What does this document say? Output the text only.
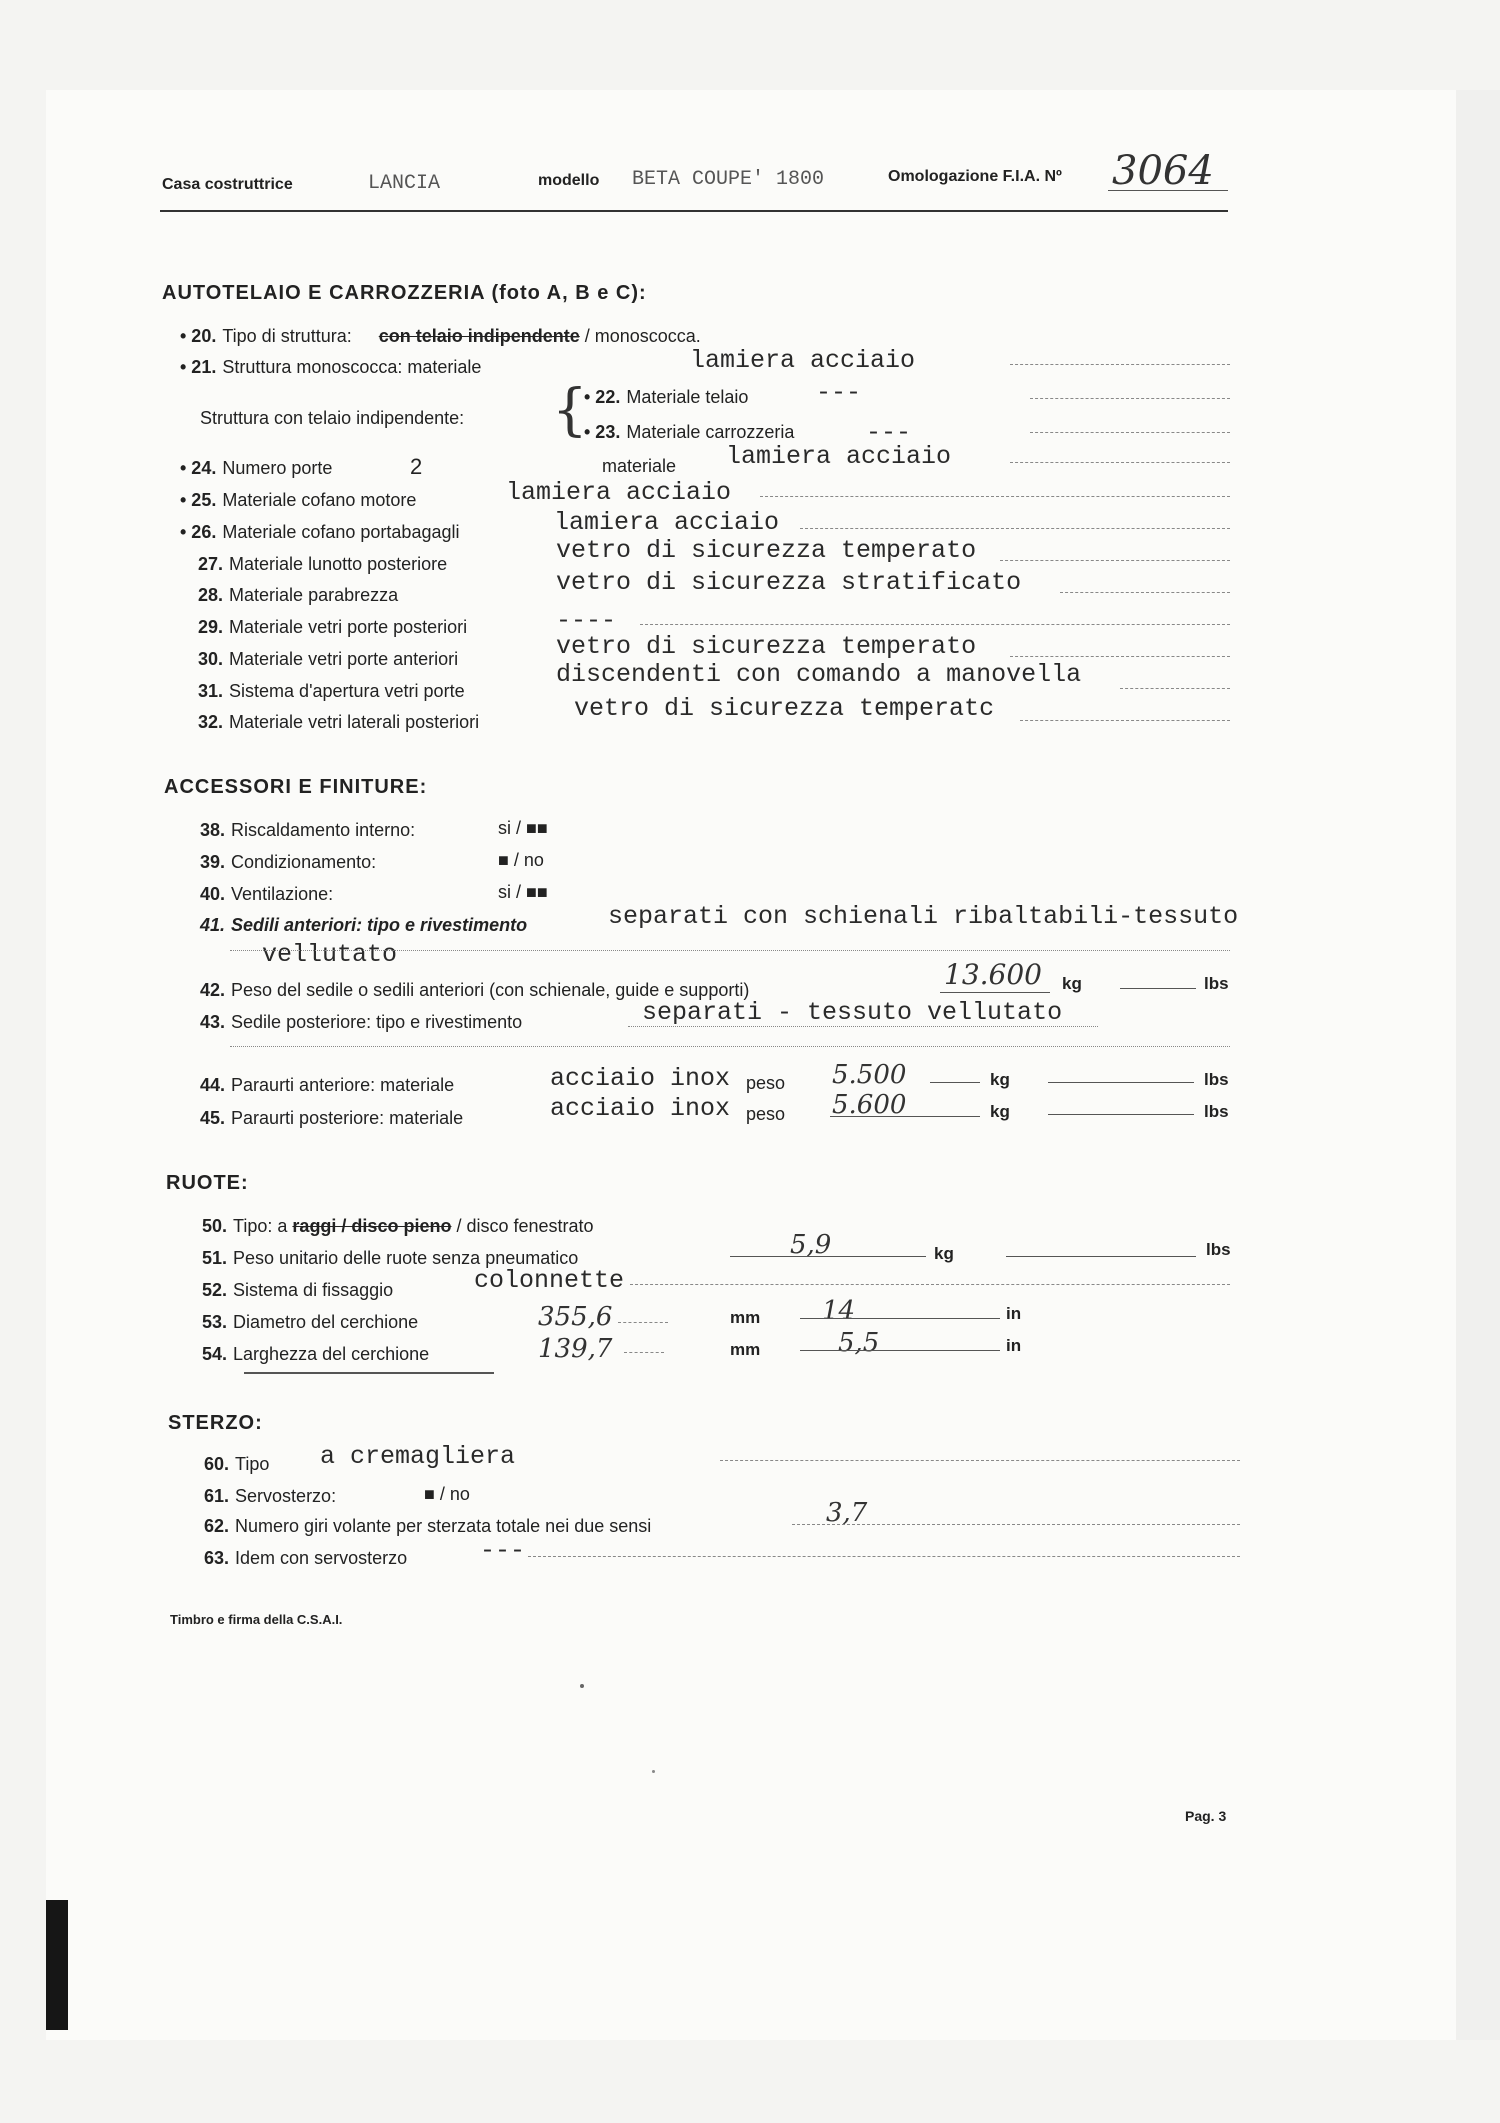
Casa costruttrice	LANCIA	modello BETA COUPE' 1800	Omologazione F.I.A. Nº 3064
AUTOTELAIO E CARROZZERIA (foto A, B e C):
• 20. Tipo di struttura: con telaio indipendente / monoscocca.
• 21. Struttura monoscocca: materiale	lamiera acciaio
Struttura con telaio indipendente: {
• 22. Materiale telaio	---
• 23. Materiale carrozzeria	---
• 24. Numero porte	2	materiale lamiera acciaio
• 25. Materiale cofano motore	lamiera acciaio
• 26. Materiale cofano portabagagli	lamiera acciaio
27. Materiale lunotto posteriore	vetro di sicurezza temperato
28. Materiale parabrezza	vetro di sicurezza stratificato
29. Materiale vetri porte posteriori	----
30. Materiale vetri porte anteriori	vetro di sicurezza temperato
31. Sistema d'apertura vetri porte
discendenti con comando a manovella
32. Materiale vetri laterali posteriori	vetro di sicurezza temperatc
ACCESSORI E FINITURE:
38. Riscaldamento interno:	si / ■■
39. Condizionamento:	■ / no
40. Ventilazione:	si / ■■
41. Sedili anteriori: tipo e rivestimento	separati con schienali ribaltabili-tessuto
vellutato
42. Peso del sedile o sedili anteriori (con schienale, guide e supporti)	13.600 kg	lbs
43. Sedile posteriore: tipo e rivestimento	separati - tessuto vellutato
44. Paraurti anteriore: materiale	acciaio inox peso 5.500	kg	lbs
45. Paraurti posteriore: materiale	acciaio inox peso 5.600	kg	lbs
RUOTE:
50. Tipo: a raggi / disco pieno / disco fenestrato
51. Peso unitario delle ruote senza pneumatico	5,9	kg	lbs
52. Sistema di fissaggio	colonnette
53. Diametro del cerchione	355,6	mm 14	in
54. Larghezza del cerchione	139,7	mm	5,5	in
STERZO:
60. Tipo a cremagliera
61. Servosterzo:	■ / no
62. Numero giri volante per sterzata totale nei due sensi	3,7
63. Idem con servosterzo	---
Timbro e firma della C.S.A.I.
Pag. 3
